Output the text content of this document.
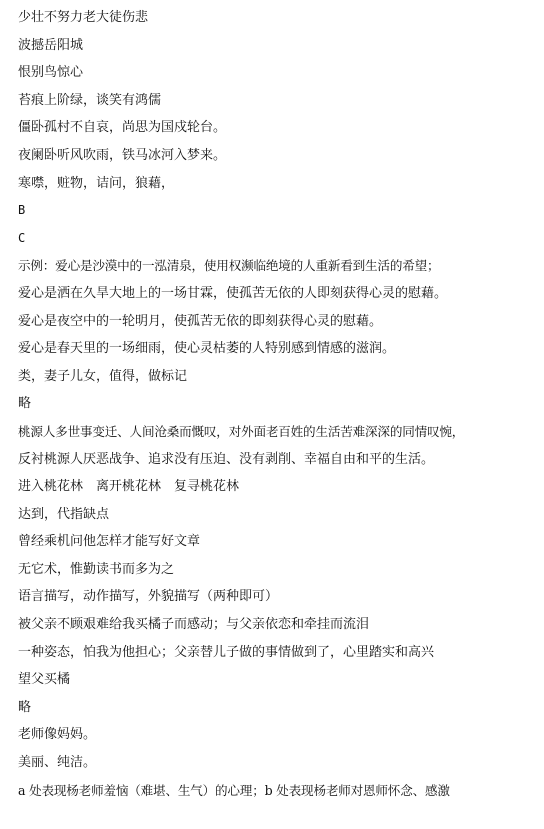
少壮不努力老大徒伤悲
波撼岳阳城
恨别鸟惊心
苔痕上阶绿，谈笑有鸿儒
僵卧孤村不自哀，尚思为国戍轮台。
夜阑卧听风吹雨，铁马冰河入梦来。
寒噤，赃物，诘问，狼藉，
B
C
示例：爱心是沙漠中的一泓清泉，使用权濒临绝境的人重新看到生活的希望；
爱心是洒在久旱大地上的一场甘霖，使孤苦无依的人即刻获得心灵的慰藉。
爱心是夜空中的一轮明月，使孤苦无依的即刻获得心灵的慰藉。
爱心是春天里的一场细雨，使心灵枯萎的人特别感到情感的滋润。
类，妻子儿女，值得，做标记
略
桃源人多世事变迁、人间沧桑而慨叹，对外面老百姓的生活苦难深深的同情叹惋，
反衬桃源人厌恶战争、追求没有压迫、没有剥削、幸福自由和平的生活。
进入桃花林　离开桃花林　复寻桃花林
达到，代指缺点
曾经乘机问他怎样才能写好文章
无它术，惟勤读书而多为之
语言描写，动作描写，外貌描写（两种即可）
被父亲不顾艰难给我买橘子而感动；与父亲依恋和牵挂而流泪
一种姿态，怕我为他担心；父亲替儿子做的事情做到了，心里踏实和高兴
望父买橘
略
老师像妈妈。
美丽、纯洁。
a 处表现杨老师羞恼（难堪、生气）的心理；b 处表现杨老师对恩师怀念、感激
